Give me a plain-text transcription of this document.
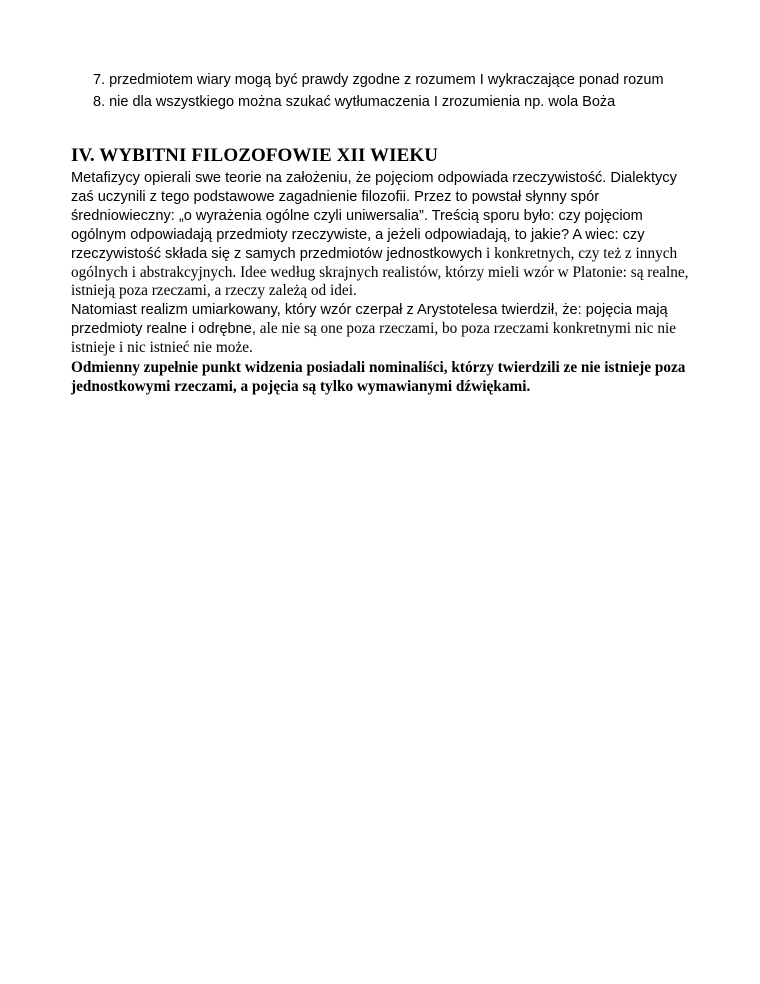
7. przedmiotem wiary mogą być prawdy zgodne z rozumem I wykraczające ponad rozum
8. nie dla wszystkiego można szukać wytłumaczenia I zrozumienia np. wola Boża
IV. WYBITNI FILOZOFOWIE XII WIEKU

Metafizycy opierali swe teorie na założeniu, że pojęciom odpowiada rzeczywistość. Dialektycy zaś uczynili z tego podstawowe zagadnienie filozofii. Przez to powstał słynny spór średniowieczny: „o wyrażenia ogólne czyli uniwersalia”. Treścią sporu było: czy pojęciom ogólnym odpowiadają przedmioty rzeczywiste, a jeżeli odpowiadają, to jakie? A wiec: czy rzeczywistość składa się z samych przedmiotów jednostkowych i konkretnych, czy też z innych ogólnych i abstrakcyjnych. Idee według skrajnych realistów, którzy mieli wzór w Platonie: są realne, istnieją poza rzeczami, a rzeczy zależą od idei.

Natomiast realizm umiarkowany, który wzór czerpał z Arystotelesa twierdził, że: pojęcia mają przedmioty realne i odrębne, ale nie są one poza rzeczami, bo poza rzeczami konkretnymi nic nie istnieje i nic istnieć nie może.

Odmienny zupełnie punkt widzenia posiadali nominaliści, którzy twierdzili ze nie istnieje poza jednostkowymi rzeczami, a pojęcia są tylko wymawianymi dźwiękami.
